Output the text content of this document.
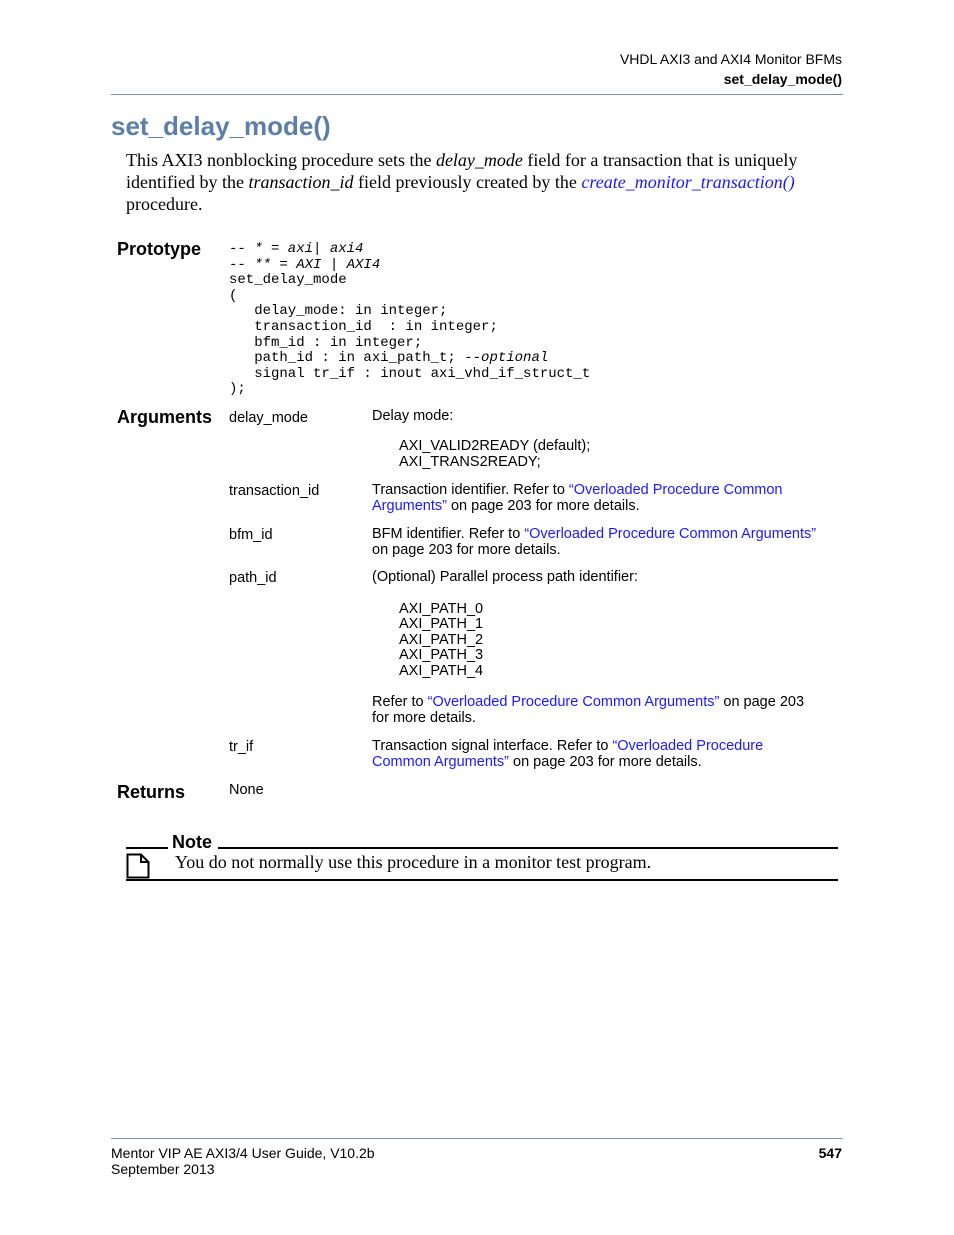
VHDL AXI3 and AXI4 Monitor BFMs
set_delay_mode()
set_delay_mode()
This AXI3 nonblocking procedure sets the delay_mode field for a transaction that is uniquely identified by the transaction_id field previously created by the create_monitor_transaction() procedure.
Prototype -- * = axi| axi4
-- ** = AXI | AXI4
set_delay_mode
(
delay_mode: in integer;
transaction_id  : in integer;
bfm_id : in integer;
path_id : in axi_path_t; --optional
signal tr_if : inout axi_vhd_if_struct_t
);
Arguments delay_mode	Delay mode:
AXI_VALID2READY (default);
AXI_TRANS2READY;
transaction_id	Transaction identifier. Refer to “Overloaded Procedure Common
Arguments” on page 203 for more details.
bfm_id	BFM identifier. Refer to “Overloaded Procedure Common Arguments”
on page 203 for more details.
path_id	(Optional) Parallel process path identifier:
AXI_PATH_0
AXI_PATH_1
AXI_PATH_2
AXI_PATH_3
AXI_PATH_4
Refer to “Overloaded Procedure Common Arguments” on page 203
for more details.
tr_if	Transaction signal interface. Refer to “Overloaded Procedure
Common Arguments” on page 203 for more details.
Returns	None
Note
You do not normally use this procedure in a monitor test program.
Mentor VIP AE AXI3/4 User Guide, V10.2b
September 2013
547
